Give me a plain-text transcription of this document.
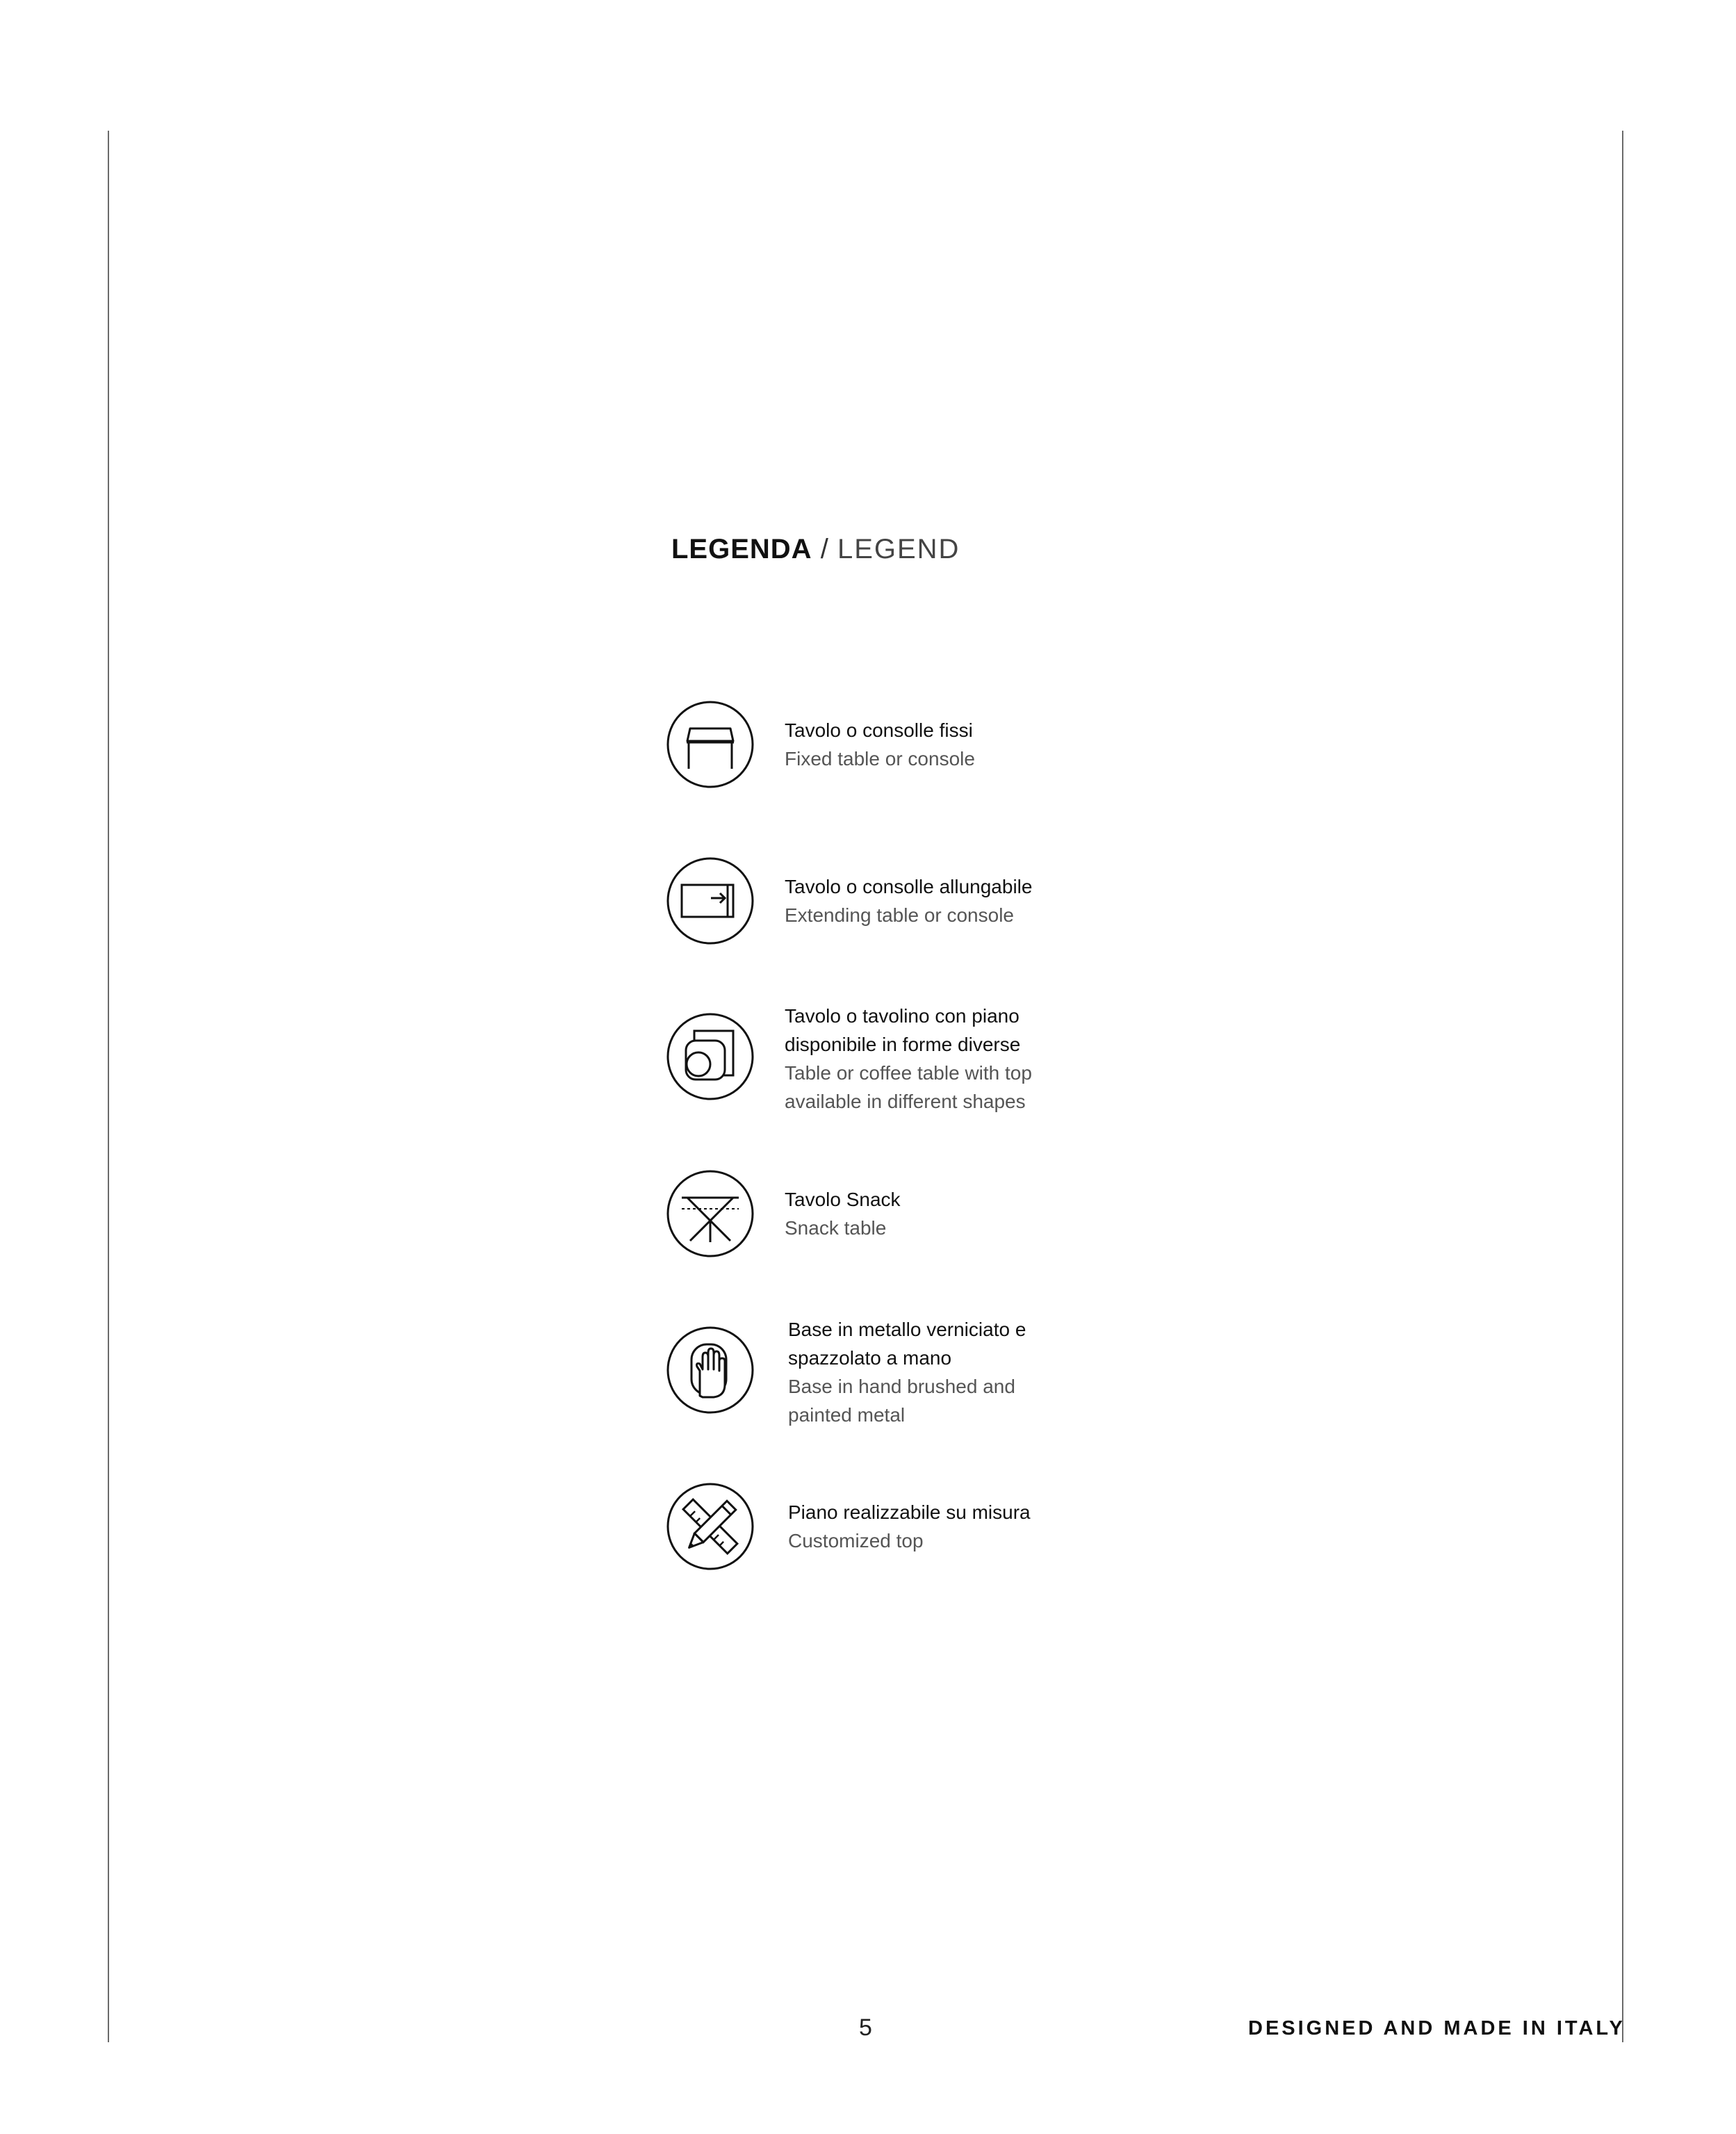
LEGENDA / LEGEND
Tavolo o consolle fissi
Fixed table or console
Tavolo o consolle allungabile
Extending table or console
Tavolo o tavolino con piano
disponibile in forme diverse
Table or coffee table with top
available in different shapes
Tavolo Snack
Snack table
Base in metallo verniciato e
spazzolato a mano
Base in hand brushed and
painted metal
Piano realizzabile su misura
Customized top
5	DESIGNED AND MADE IN ITALY
